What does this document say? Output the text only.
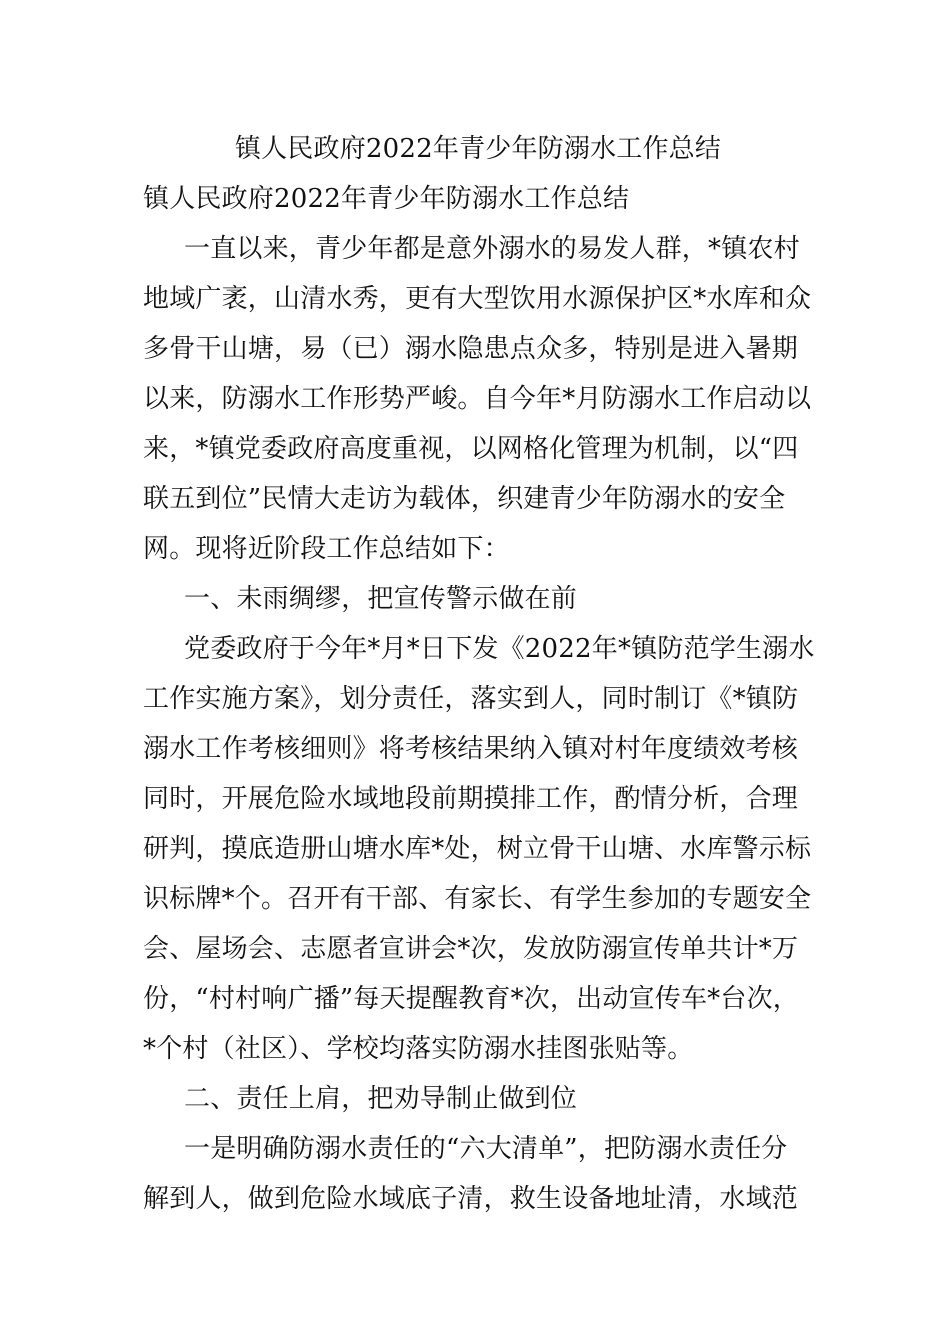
镇人民政府2022年青少年防溺水工作总结
镇人民政府2022年青少年防溺水工作总结
一直以来，青少年都是意外溺水的易发人群，*镇农村
地域广袤，山清水秀，更有大型饮用水源保护区*水库和众
多骨干山塘，易（已）溺水隐患点众多，特别是进入暑期
以来，防溺水工作形势严峻。自今年*月防溺水工作启动以
来，*镇党委政府高度重视，以网格化管理为机制，以“四
联五到位”民情大走访为载体，织建青少年防溺水的安全
网。现将近阶段工作总结如下：
一、未雨绸缪，把宣传警示做在前
党委政府于今年*月*日下发《2022年*镇防范学生溺水
工作实施方案》，划分责任，落实到人，同时制订《*镇防
溺水工作考核细则》将考核结果纳入镇对村年度绩效考核
同时，开展危险水域地段前期摸排工作，酌情分析，合理
研判，摸底造册山塘水库*处，树立骨干山塘、水库警示标
识标牌*个。召开有干部、有家长、有学生参加的专题安全
会、屋场会、志愿者宣讲会*次，发放防溺宣传单共计*万
份，“村村响广播”每天提醒教育*次，出动宣传车*台次，
*个村（社区）、学校均落实防溺水挂图张贴等。
二、责任上肩，把劝导制止做到位
一是明确防溺水责任的“六大清单”，把防溺水责任分
解到人，做到危险水域底子清，救生设备地址清，水域范
